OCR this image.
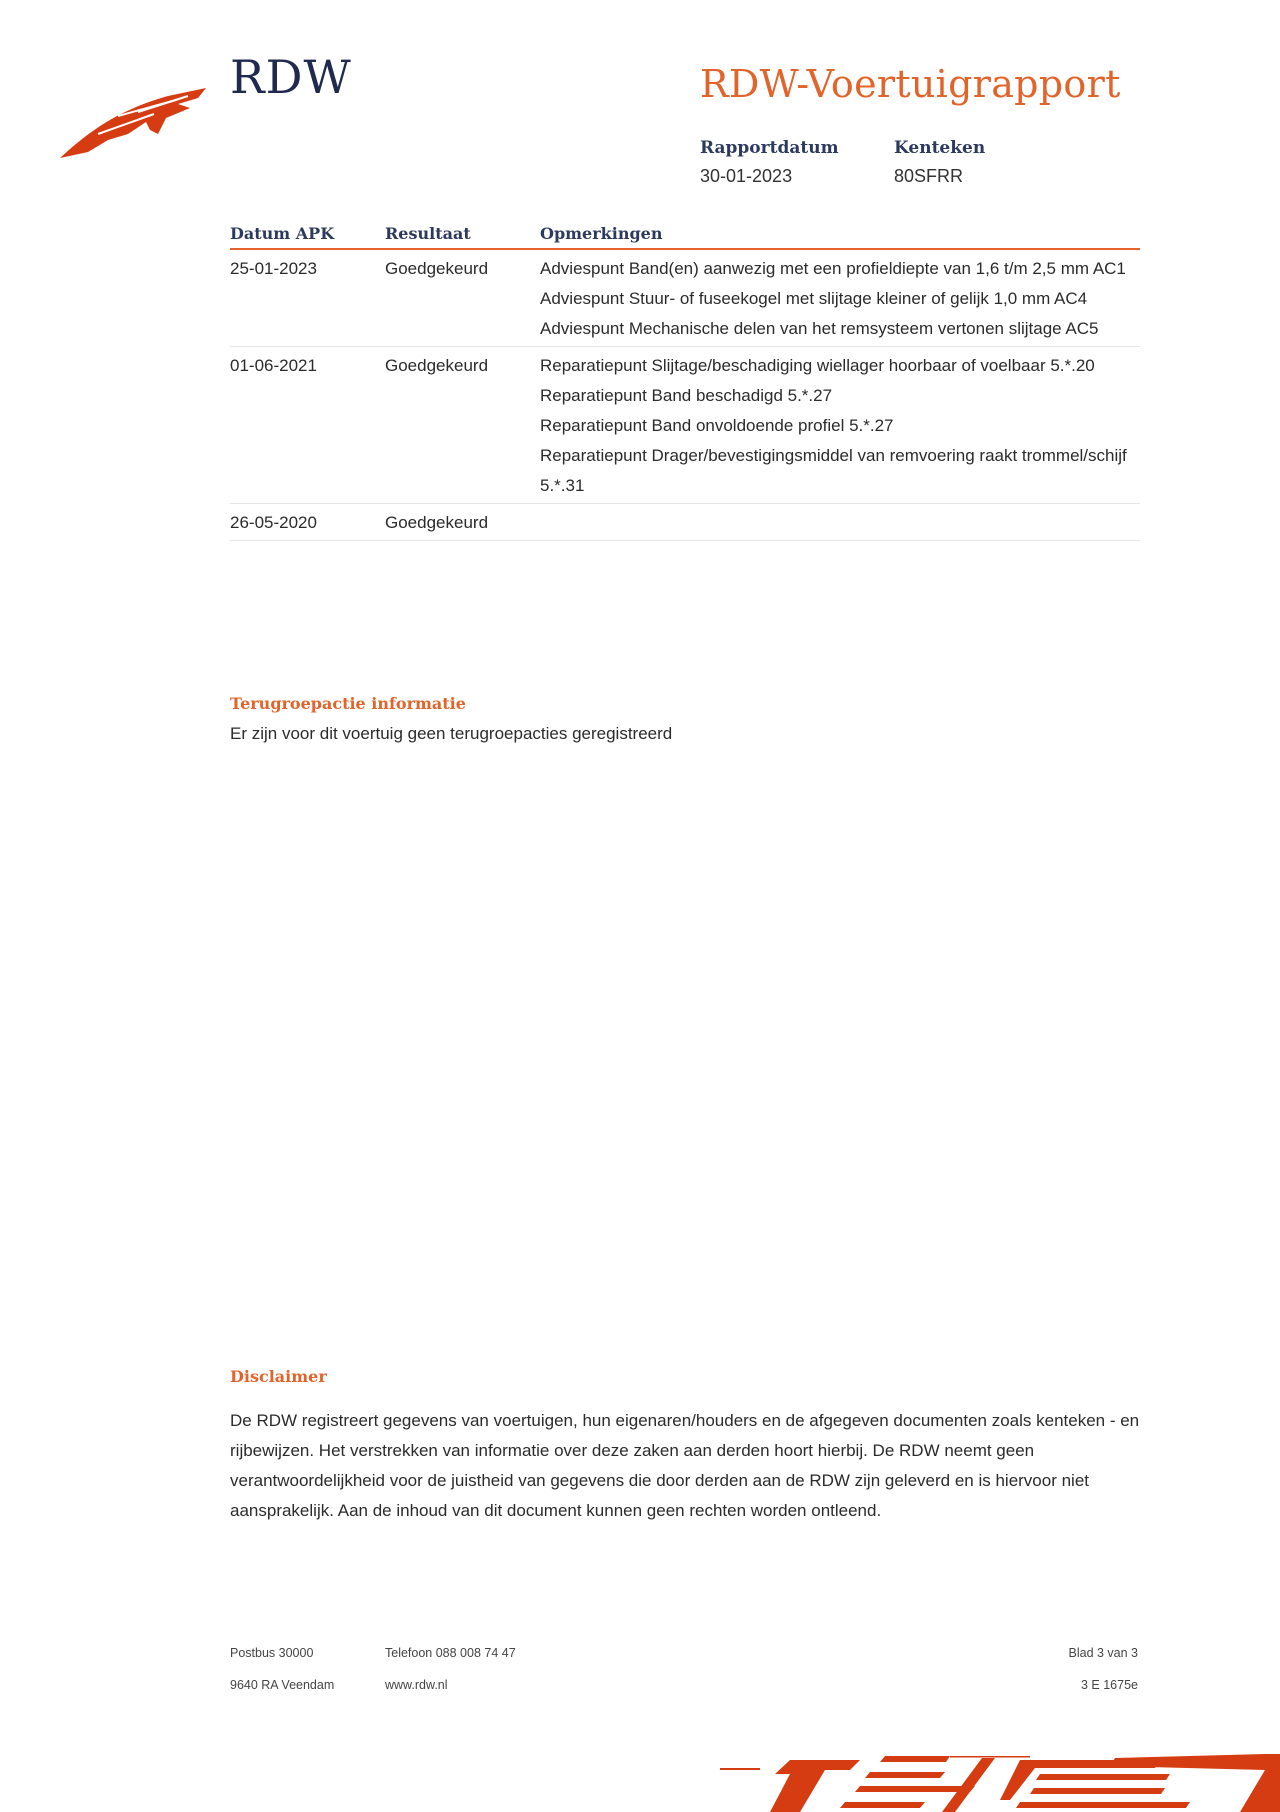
RDW	RDW-Voertuigrapport
Rapportdatum
30-01-2023
Kenteken
80SFRR
Datum APK	Resultaat	Opmerkingen
25-01-2023	Goedgekeurd	Adviespunt Band(en) aanwezig met een profieldiepte van 1,6 t/m 2,5 mm AC1
Adviespunt Stuur- of fuseekogel met slijtage kleiner of gelijk 1,0 mm AC4
Adviespunt Mechanische delen van het remsysteem vertonen slijtage AC5

01-06-2021	Goedgekeurd	Reparatiepunt Slijtage/beschadiging wiellager hoorbaar of voelbaar 5.*.20
Reparatiepunt Band beschadigd 5.*.27
Reparatiepunt Band onvoldoende profiel 5.*.27
Reparatiepunt Drager/bevestigingsmiddel van remvoering raakt trommel/schijf 5.*.31

26-05-2020	Goedgekeurd	
Terugroepactie informatie
Er zijn voor dit voertuig geen terugroepacties geregistreerd
Disclaimer
De RDW registreert gegevens van voertuigen, hun eigenaren/houders en de afgegeven documenten zoals kenteken - en rijbewijzen. Het verstrekken van informatie over deze zaken aan derden hoort hierbij. De RDW neemt geen verantwoordelijkheid voor de juistheid van gegevens die door derden aan de RDW zijn geleverd en is hiervoor niet aansprakelijk. Aan de inhoud van dit document kunnen geen rechten worden ontleend.
Postbus 30000
9640 RA Veendam
Telefoon 088 008 74 47
www.rdw.nl
Blad 3 van 3
3 E 1675e
